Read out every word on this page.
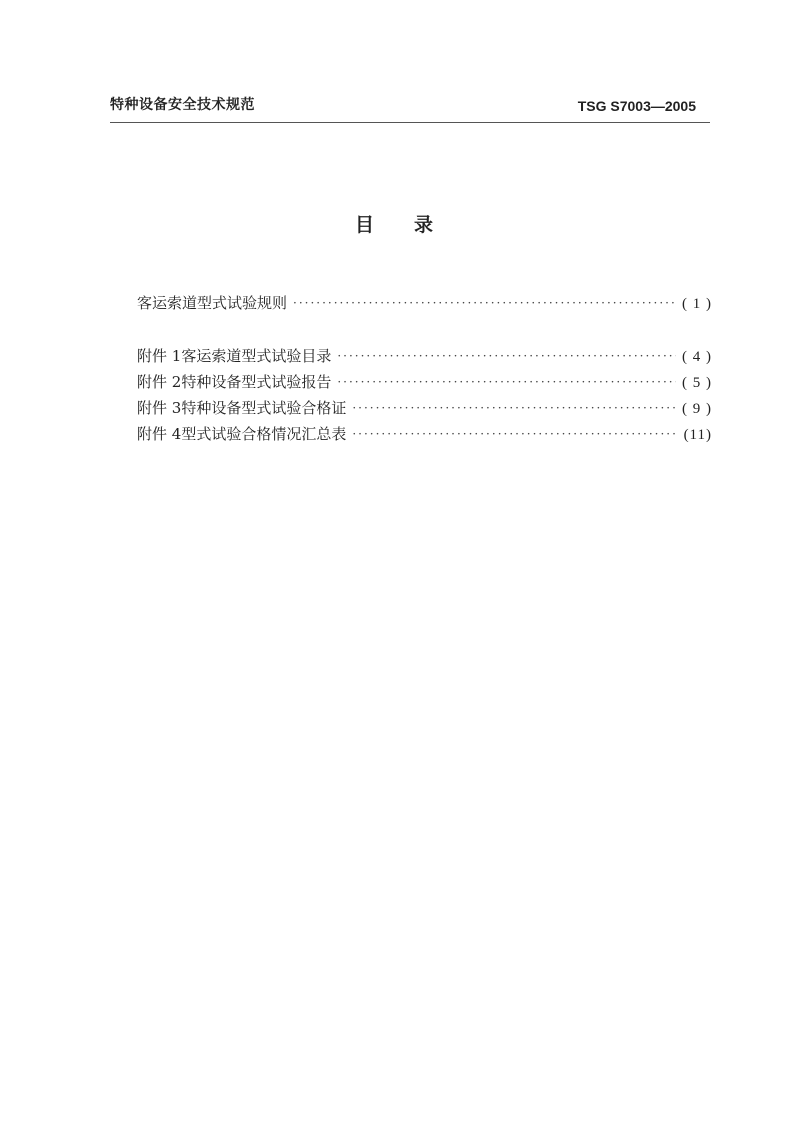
特种设备安全技术规范	TSG S7003—2005
目录
客运索道型式试验规则 ·····	( 1 )
附件 1 客运索道型式试验目录 ·····	( 4 )
附件 2 特种设备型式试验报告 ·····	( 5 )
附件 3 特种设备型式试验合格证 ·····	( 9 )
附件 4 型式试验合格情况汇总表 ·····	(11)
